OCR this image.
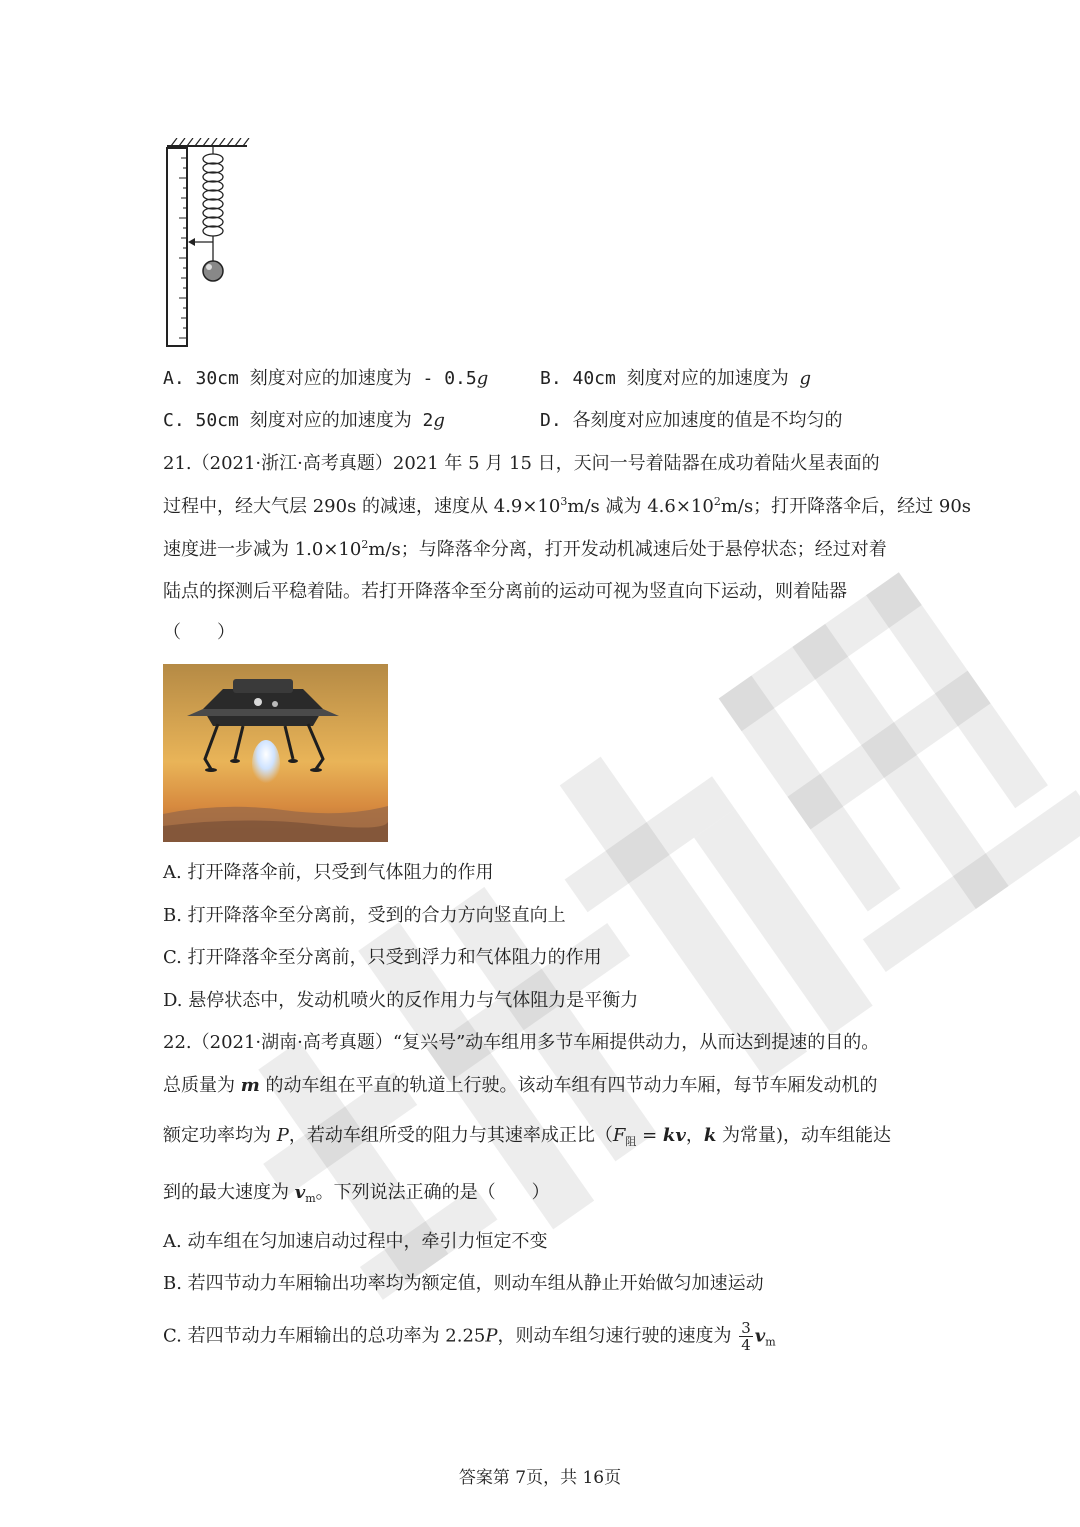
A. 30cm 刻度对应的加速度为 - 0.5g	B. 40cm 刻度对应的加速度为 g
C. 50cm 刻度对应的加速度为 2g	D. 各刻度对应加速度的值是不均匀的
21.（2021·浙江·高考真题）2021 年 5 月 15 日，天问一号着陆器在成功着陆火星表面的
过程中，经大气层 290s 的减速，速度从 $4.9\times 10^3m/s$ 减为 $4.6\times 10^2m/s$；打开降落伞后，经过 90s
速度进一步减为 $1.0\times 10^2m/s$；与降落伞分离，打开发动机减速后处于悬停状态；经过对着
陆点的探测后平稳着陆。若打开降落伞至分离前的运动可视为竖直向下运动，则着陆器
（　　）
A. 打开降落伞前，只受到气体阻力的作用
B. 打开降落伞至分离前，受到的合力方向竖直向上
C. 打开降落伞至分离前，只受到浮力和气体阻力的作用
D. 悬停状态中，发动机喷火的反作用力与气体阻力是平衡力
22.（2021·湖南·高考真题）“复兴号”动车组用多节车厢提供动力，从而达到提速的目的。
总质量为 m 的动车组在平直的轨道上行驶。该动车组有四节动力车厢，每节车厢发动机的
额定功率均为 P，若动车组所受的阻力与其速率成正比（$F_阻$ = kv，k 为常量)，动车组能达
到的最大速度为 $v_m$。下列说法正确的是（　　）
A. 动车组在匀加速启动过程中，牵引力恒定不变
B. 若四节动力车厢输出功率均为额定值，则动车组从静止开始做匀加速运动
C. 若四节动力车厢输出的总功率为 2.25P，则动车组匀速行驶的速度为 $\frac{3}{4} v_m$
答案第 7页，共 16页
